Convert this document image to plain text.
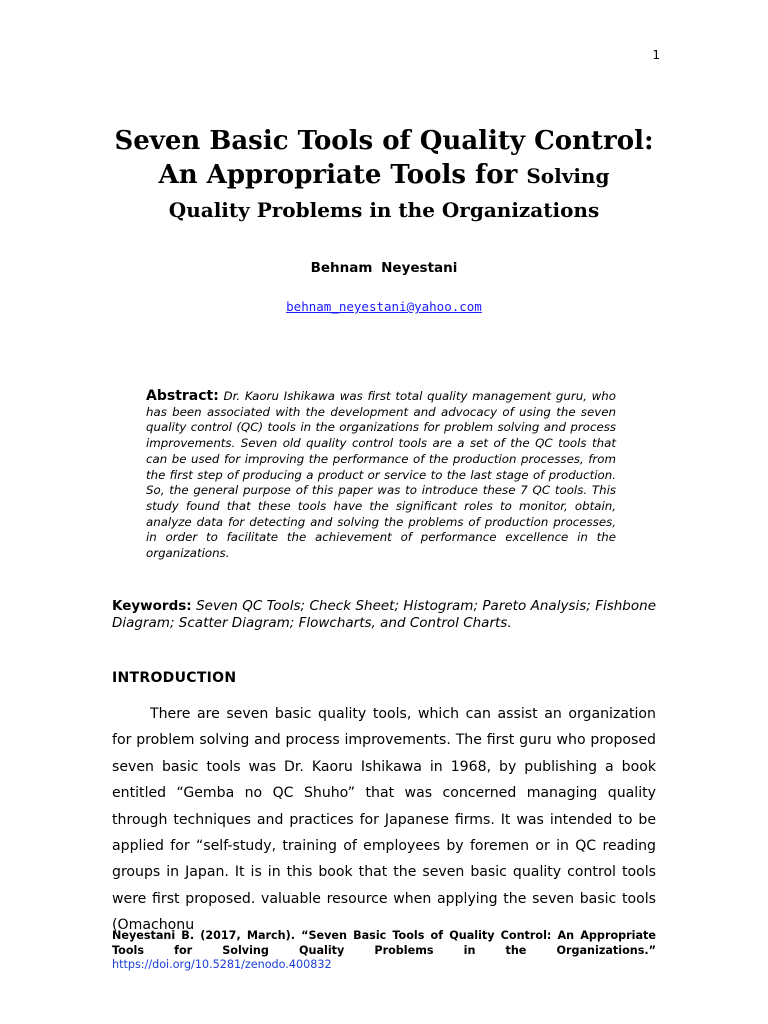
1
Seven Basic Tools of Quality Control:
An Appropriate Tools for Solving
Quality Problems in the Organizations
Behnam Neyestani
behnam_neyestani@yahoo.com
Abstract: Dr. Kaoru Ishikawa was first total quality management guru, who has been associated with the development and advocacy of using the seven quality control (QC) tools in the organizations for problem solving and process improvements. Seven old quality control tools are a set of the QC tools that can be used for improving the performance of the production processes, from the first step of producing a product or service to the last stage of production. So, the general purpose of this paper was to introduce these 7 QC tools. This study found that these tools have the significant roles to monitor, obtain, analyze data for detecting and solving the problems of production processes, in order to facilitate the achievement of performance excellence in the organizations.
Keywords: Seven QC Tools; Check Sheet; Histogram; Pareto Analysis; Fishbone Diagram; Scatter Diagram; Flowcharts, and Control Charts.
INTRODUCTION

There are seven basic quality tools, which can assist an organization for problem solving and process improvements. The first guru who proposed seven basic tools was Dr. Kaoru Ishikawa in 1968, by publishing a book entitled “Gemba no QC Shuho” that was concerned managing quality through techniques and practices for Japanese firms. It was intended to be applied for “self-study, training of employees by foremen or in QC reading groups in Japan. It is in this book that the seven basic quality control tools were first proposed. valuable resource when applying the seven basic tools (Omachonu

Neyestani B. (2017, March). “Seven Basic Tools of Quality Control: An Appropriate Tools for Solving Quality Problems in the Organizations.”
https://doi.org/10.5281/zenodo.400832
